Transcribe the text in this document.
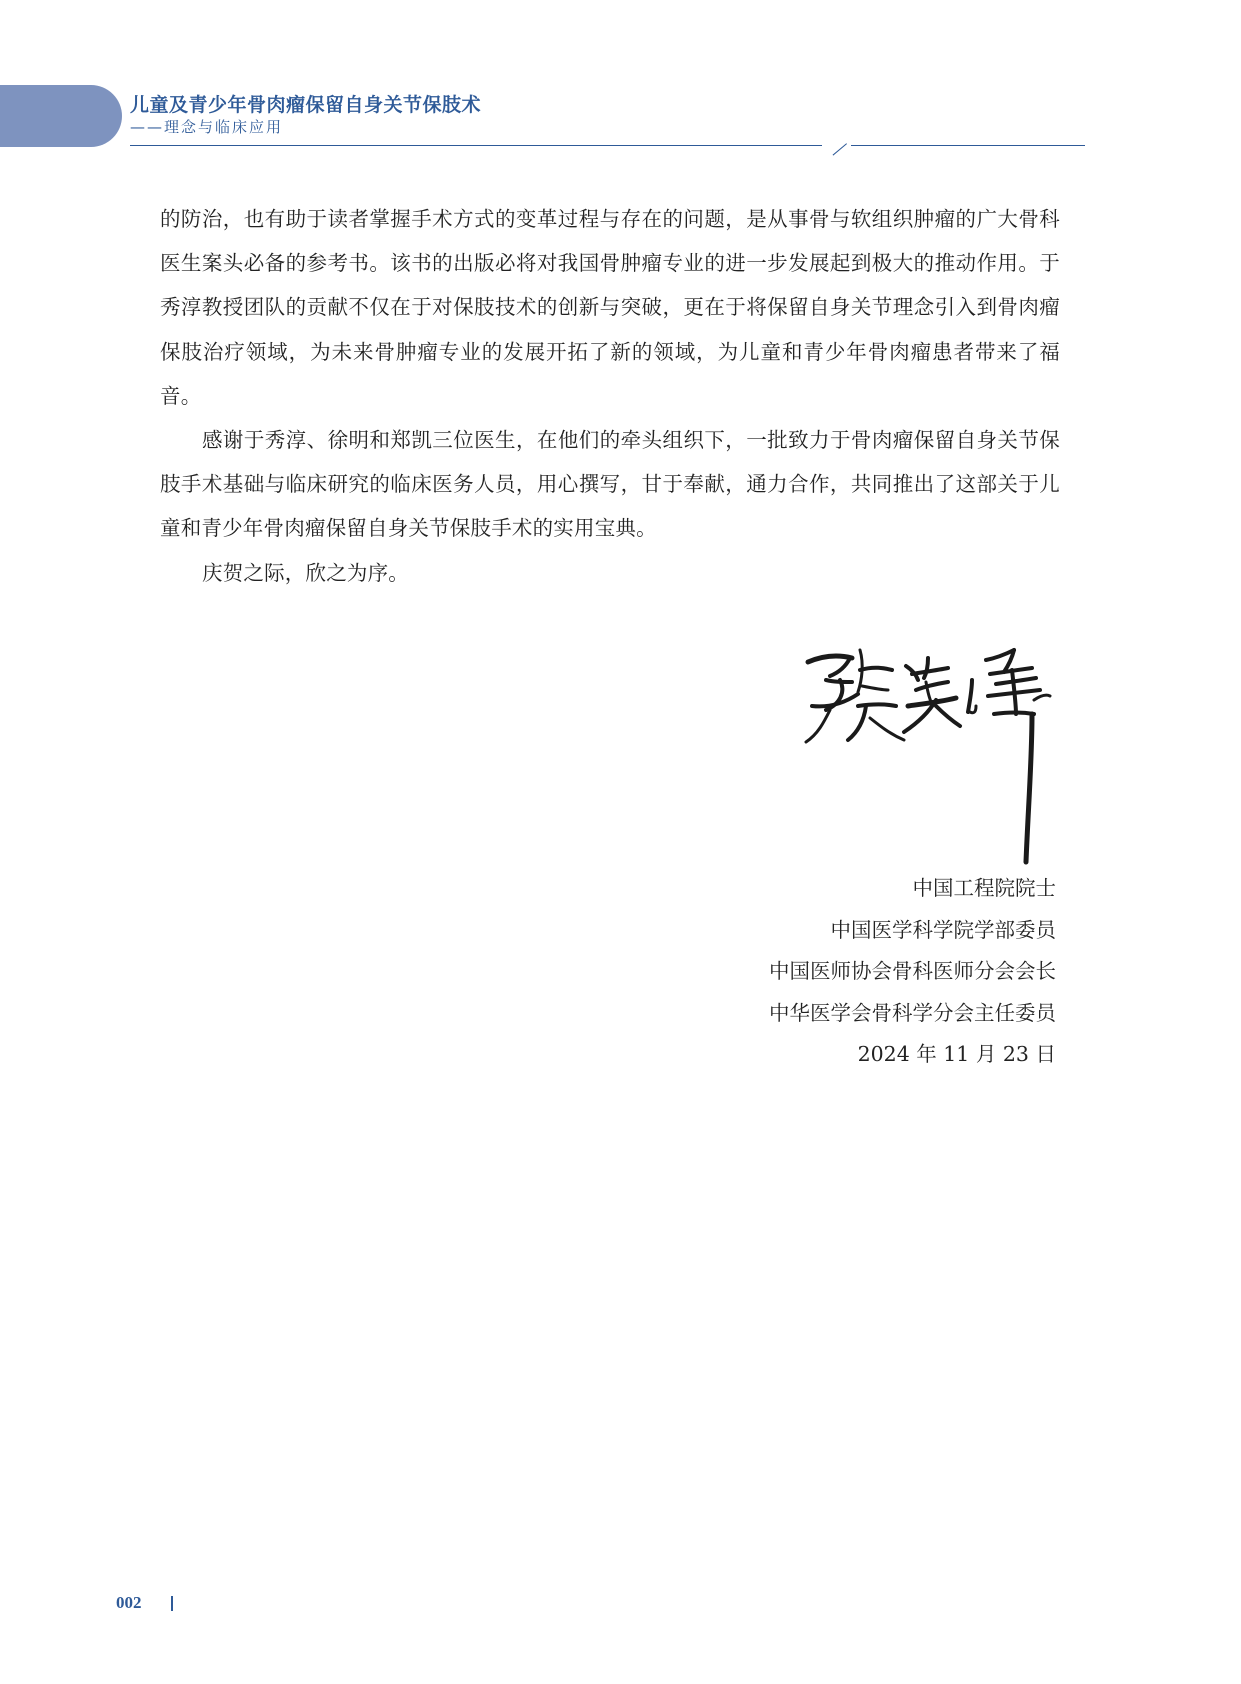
儿童及青少年骨肉瘤保留自身关节保肢术
——理念与临床应用

的防治，也有助于读者掌握手术方式的变革过程与存在的问题，是从事骨与软组织肿瘤的广大骨科医生案头必备的参考书。该书的出版必将对我国骨肿瘤专业的进一步发展起到极大的推动作用。于秀淳教授团队的贡献不仅在于对保肢技术的创新与突破，更在于将保留自身关节理念引入到骨肉瘤保肢治疗领域，为未来骨肿瘤专业的发展开拓了新的领域，为儿童和青少年骨肉瘤患者带来了福音。

感谢于秀淳、徐明和郑凯三位医生，在他们的牵头组织下，一批致力于骨肉瘤保留自身关节保肢手术基础与临床研究的临床医务人员，用心撰写，甘于奉献，通力合作，共同推出了这部关于儿童和青少年骨肉瘤保留自身关节保肢手术的实用宝典。

庆贺之际，欣之为序。

中国工程院院士
中国医学科学院学部委员
中国医师协会骨科医师分会会长
中华医学会骨科学分会主任委员
2024 年 11 月 23 日
002
